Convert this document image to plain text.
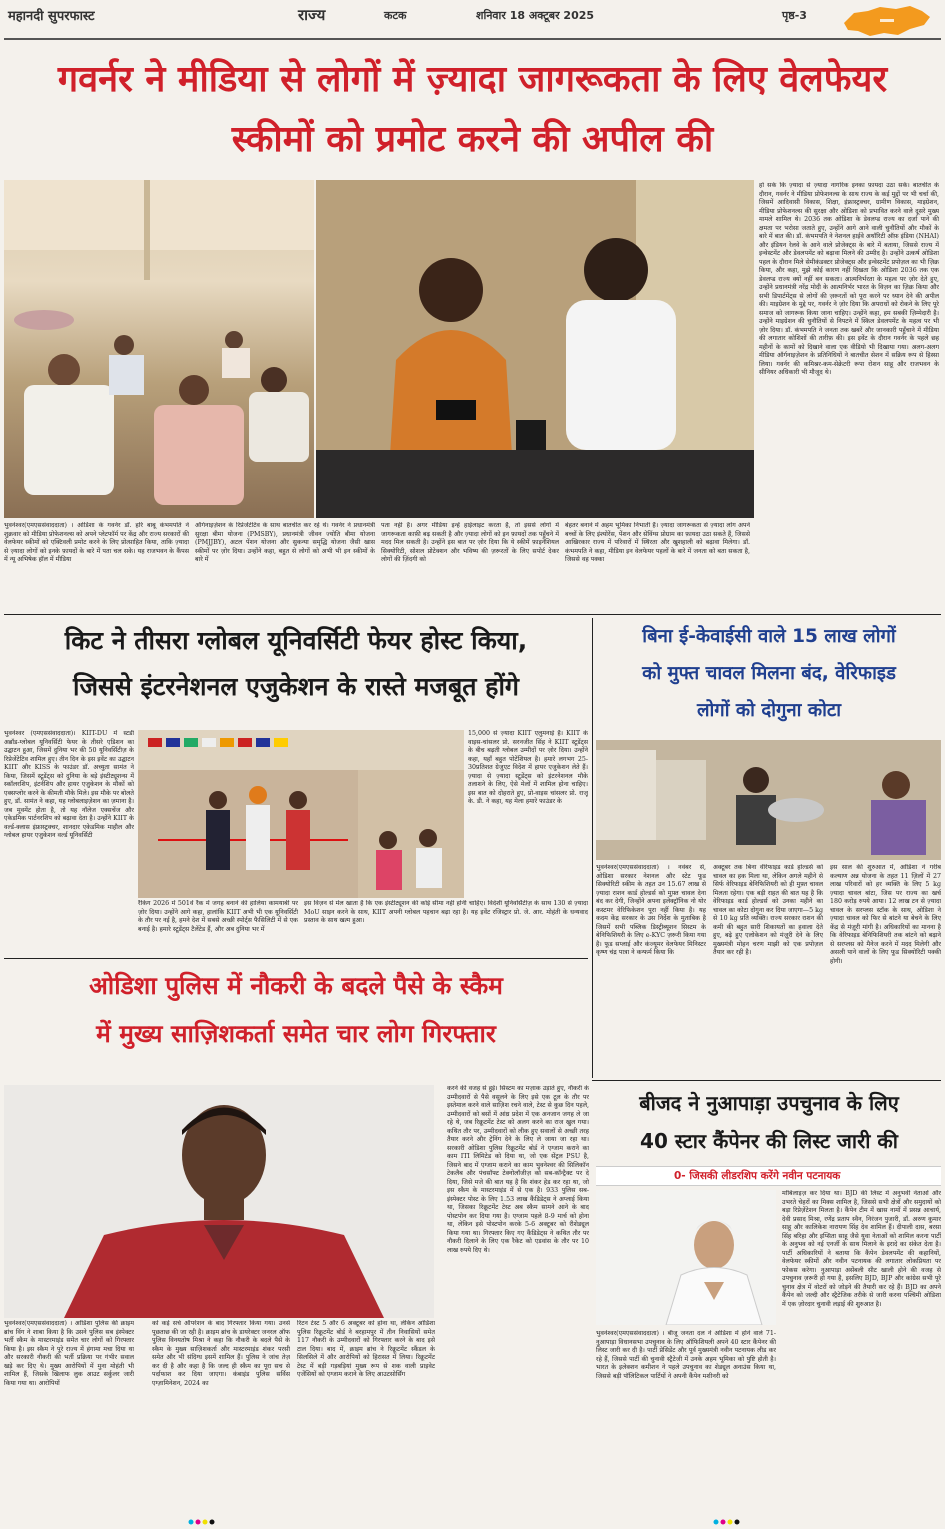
महानदी सुपरफास्ट	राज्य	कटक	शनिवार 18 अक्टूबर 2025	पृष्ठ-3
गवर्नर ने मीडिया से लोगों में ज़्यादा जागरूकता के लिए वेलफेयर
स्कीमों को प्रमोट करने की अपील की

भुवनेश्वर(एमएससंवाददाता) । ओडिशा के गवर्नर डॉ. हरि बाबू कंभमपति ने शुक्रवार को मीडिया प्रोफेशनल्स को अपने प्लेटफॉर्म पर केंद्र और राज्य सरकारों की वेलफेयर स्कीमों को एक्टिवली प्रमोट करने के लिए प्रोत्साहित किया, ताकि ज़्यादा से ज़्यादा लोगों को इनके फ़ायदों के बारे में पता चल सके। यह राजभवन के कैंपस में न्यू अभिषेक हॉल में मीडिया

ऑर्गनाइज़ेशन के रिप्रेजेंटेटिव के साथ बातचीत कर रहे थे। गवर्नर ने प्रधानमंत्री सुरक्षा बीमा योजना (PMSBY), प्रधानमंत्री जीवन ज्योति बीमा योजना (PMJJBY), अटल पेंशन योजना और सुकन्या समृद्धि योजना जैसी खास स्कीमों पर ज़ोर दिया। उन्होंने कहा, बहुत से लोगों को अभी भी इन स्कीमों के बारे में

पता नहीं है। अगर मीडिया इन्हें हाईलाइट करता है, तो इससे लोगों में जागरूकता काफ़ी बढ़ सकती है और ज़्यादा लोगों को इन फ़ायदों तक पहुँचने में मदद मिल सकती है। उन्होंने इस बात पर ज़ोर दिया कि ये स्कीमें फ़ाइनेंशियल सिक्योरिटी, सोशल प्रोटेक्शन और भविष्य की ज़रूरतों के लिए सपोर्ट देकर लोगों की ज़िंदगी को

बेहतर बनाने में अहम भूमिका निभाती हैं। ज़्यादा जागरूकता से ज़्यादा लोग अपने बच्चों के लिए इंश्योरेंस, पेंशन और सेविंग्स प्रोग्राम का फ़ायदा उठा सकते हैं, जिससे आखिरकार राज्य में परिवारों में स्थिरता और खुशहाली को बढ़ावा मिलेगा। डॉ. कंभमपति ने कहा, मीडिया इन वेलफेयर पहलों के बारे में जनता को बता सकता है, जिससे वह पक्का

हो सके कि ज़्यादा से ज़्यादा नागरिक इनका फ़ायदा उठा सकें। बातचीत के दौरान, गवर्नर ने मीडिया प्रोफेशनल्स के साथ राज्य के कई मुद्दों पर भी चर्चा की, जिसमें आदिवासी विकास, शिक्षा, इंफ्रास्ट्रक्चर, ग्रामीण विकास, माइग्रेशन, मीडिया प्रोफेशनल्स की सुरक्षा और ओडिशा को प्रभावित करने वाले दूसरे मुख्य मामले शामिल थे। 2036 तक ओडिशा के डेवलप्ड राज्य का दर्जा पाने की क्षमता पर भरोसा जताते हुए, उन्होंने आगे आने वाली चुनौतियों और मौकों के बारे में बात की। डॉ. कंभमपति ने नेशनल हाईवे अथॉरिटी ऑफ़ इंडिया (NHAI) और इंडियन रेलवे के आने वाले प्रोजेक्ट्स के बारे में बताया, जिससे राज्य में इन्वेस्टमेंट और डेवलपमेंट को बढ़ावा मिलने की उम्मीद है। उन्होंने उत्कर्ष ओडिशा पहल के दौरान मिले सेमीकंडक्टर प्रोजेक्ट्स और इन्वेस्टमेंट प्रपोज़ल का भी ज़िक्र किया, और कहा, मुझे कोई कारण नहीं दिखता कि ओडिशा 2036 तक एक डेवलप्ड राज्य क्यों नहीं बन सकता। आत्मनिर्भरता के महत्व पर ज़ोर देते हुए, उन्होंने प्रधानमंत्री नरेंद्र मोदी के आत्मनिर्भर भारत के विज़न का ज़िक्र किया और सभी डिपार्टमेंट्स से लोगों की ज़रूरतों को पूरा करने पर ध्यान देने की अपील की। माइग्रेशन के मुद्दे पर, गवर्नर ने ज़ोर दिया कि अपराधों को रोकने के लिए पूरे समाज को जागरूक किया जाना चाहिए। उन्होंने कहा, हम सबकी ज़िम्मेदारी है। उन्होंने माइग्रेशन की चुनौतियों से निपटने में स्किल डेवलपमेंट के महत्व पर भी ज़ोर दिया। डॉ. कंभमपति ने जनता तक खबरें और जानकारी पहुँचाने में मीडिया की लगातार कोशिशों की तारीफ़ की। इस इवेंट के दौरान गवर्नर के पहले छह महीनों के कामों को दिखाने वाला एक वीडियो भी दिखाया गया। अलग-अलग मीडिया ऑर्गनाइज़ेशन के प्रतिनिधियों ने बातचीत सेशन में सक्रिय रूप से हिस्सा लिया। गवर्नर की कमिश्नर-कम-सेक्रेटरी रूपा रोशन साहू और राजभवन के सीनियर अधिकारी भी मौजूद थे।

किट ने तीसरा ग्लोबल यूनिवर्सिटी फेयर होस्ट किया,
जिससे इंटरनेशनल एजुकेशन के रास्ते मजबूत होंगे

भुवनेश्वर (एमएससंवाददाता)। KIIT-DU में स्टडी अब्रॉड-ग्लोबल यूनिवर्सिटी फेयर के तीसरे एडिशन का उद्घाटन हुआ, जिसमें दुनिया भर की 50 यूनिवर्सिटीज़ के रिप्रेजेंटेटिव शामिल हुए। तीन दिन के इस इवेंट का उद्घाटन KIIT और KISS के फाउंडर डॉ. अच्युता सामंत ने किया, जिसमें स्टूडेंट्स को दुनिया के बड़े इंस्टीट्यूशन्स में स्कॉलरशिप, इंटर्नशिप और हायर एजुकेशन के मौकों को एक्सप्लोर करने के कीमती मौके मिले। इस मौके पर बोलते हुए, डॉ. सामंत ने कहा, यह ग्लोबलाइज़ेशन का ज़माना है। जब मूवमेंट होता है, तो यह नॉलेज एक्सचेंज और एकेडमिक पार्टनरशिप को बढ़ावा देता है। उन्होंने KIIT के वर्ल्ड-क्लास इंफ्रास्ट्रक्चर, शानदार एकेडमिक माहौल और ग्लोबल हायर एजुकेशन वर्ल्ड यूनिवर्सिटी

15,000 से ज़्यादा KIIT एलुमनाई हैं। KIIT के वाइस-चांसलर प्रो. सरनजीत सिंह ने KIIT स्टूडेंट्स के बीच बढ़ती ग्लोबल उम्मीदों पर ज़ोर दिया। उन्होंने कहा, यहाँ बहुत पोटेंशियल है। हमारे लगभग 25-30प्रतिशत ग्रेजुएट विदेश में हायर एजुकेशन लेते हैं। ज़्यादा से ज़्यादा स्टूडेंट्स को इंटरनेशनल मौके तलाशने के लिए, ऐसे मेलों में शामिल होना चाहिए। इस बात को दोहराते हुए, प्रो-वाइस चांसलर प्रो. राजू के. डी. ने कहा, यह मेला हमारे फाउंडर के

रैंकिंग 2026 में 501वें रैंक में जगह बनाने की हालिया कामयाबी पर ज़ोर दिया। उन्होंने आगे कहा, हालांकि KIIT अभी भी एक यूनिवर्सिटी के तौर पर नई है, हमने देश में सबसे अच्छी स्पोर्ट्स फैसिलिटी में से एक बनाई है। हमारे स्टूडेंट्स टैलेंटेड हैं, और अब दुनिया भर में

इस विज़न से मेल खाता है कि एक इंस्टीट्यूशन की कोई सीमा नहीं होनी चाहिए। विदेशी यूनिवर्सिटीज़ के साथ 130 से ज़्यादा MoU साइन करने के साथ, KIIT अपनी ग्लोबल पहचान बढ़ा रहा है। यह इवेंट रजिस्ट्रार प्रो. जे. आर. मोहंती के धन्यवाद प्रस्ताव के साथ खत्म हुआ।

बिना ई-केवाईसी वाले 15 लाख लोगों
को मुफ्त चावल मिलना बंद, वेरिफाइड
लोगों को दोगुना कोटा

भुवनेश्वर(एमएससंवाददाता) । नवंबर से, ओडिशा सरकार नेशनल और स्टेट फूड सिक्योरिटी स्कीम के तहत उन 15.67 लाख से ज़्यादा राशन कार्ड होल्डर्स को मुफ़्त चावल देना बंद कर देगी, जिन्होंने अपना इलेक्ट्रॉनिक नो योर कस्टमर वेरिफिकेशन पूरा नहीं किया है। यह कदम केंद्र सरकार के उस निर्देश के मुताबिक है जिसमें सभी पब्लिक डिस्ट्रीब्यूशन सिस्टम के बेनिफिशियरी के लिए e-KYC ज़रूरी किया गया है। फूड सप्लाई और कंज्यूमर वेलफेयर मिनिस्टर कृष्ण चंद्र पात्रा ने कन्फर्म किया कि

अक्टूबर तक बिना वेरिफाइड कार्ड होल्डर्स को चावल का हक मिला था, लेकिन अगले महीने से सिर्फ वेरिफाइड बेनिफिशियरी को ही मुफ़्त चावल मिलता रहेगा। एक बड़ी राहत की बात यह है कि वेरिफाइड कार्ड होल्डर्स को उनका महीने का चावल का कोटा दोगुना कर दिया जाएगा—5 kg से 10 kg प्रति व्यक्ति। राज्य सरकार राशन की कमी की बहुत सारी शिकायतों का हवाला देते हुए, बढ़े हुए एलोकेशन को मंज़ूरी देने के लिए मुख्यमंत्री मोहन चरण माझी को एक प्रपोज़ल तैयार कर रही है।

इस साल की शुरुआत में, ओडिशा ने गरीब कल्याण अन्न योजना के तहत 11 ज़िलों में 27 लाख परिवारों को हर व्यक्ति के लिए 5 kg ज़्यादा चावल बांटा, जिस पर राज्य का खर्च 180 करोड़ रुपये आया। 12 लाख टन से ज़्यादा चावल के सरप्लस स्टॉक के साथ, ओडिशा ने ज़्यादा चावल को फिर से बांटने या बेचने के लिए केंद्र से मंज़ूरी मांगी है। अधिकारियों का मानना है कि वेरिफाइड बेनिफिशियरी तक बांटने को बढ़ाने से सरप्लस को मैनेज करने में मदद मिलेगी और असली पाने वालों के लिए फूड सिक्योरिटी पक्की होगी।

ओडिशा पुलिस में नौकरी के बदले पैसे के स्कैम
में मुख्य साज़िशकर्ता समेत चार लोग गिरफ्तार

भुवनेश्वर(एमएससंवाददाता) । ओडिशा पुलिस की क्राइम ब्रांच विंग ने शाबा किया है कि उसने पुलिस सब इंस्पेक्टर भर्ती स्कैम के मास्टरमाइंड समेत चार लोगों को गिरफ्तार किया है। इस स्कैम ने पूरे राज्य में हंगामा मचा दिया था और सरकारी नौकरी की भर्ती प्रक्रिया पर गंभीर सवाल खड़े कर दिए थे। मुख्य आरोपियों में मुना मोहंती भी शामिल हैं, जिसके खिलाफ लुक आउट सर्कुलर जारी किया गया था। आरोपियों

को कई सर्च ऑपरेशन के बाद गिरफ्तार किया गया। उनसे पूछताछ की जा रही है। क्राइम ब्रांच के डायरेक्टर जनरल ऑफ पुलिस विनयतोष मिश्रा ने कहा कि नौकरी के बदले पैसे के स्कैम के मुख्य साज़िशकर्ता और मास्टरमाइंड शंकर परसी समेत और भी संदिग्ध इसमें शामिल हैं। पुलिस ने जांच तेज़ कर दी है और कहा है कि जल्द ही स्कैम का पूरा सच से पर्दाफाश कर दिया जाएगा। कंबाइंड पुलिस सर्विस एग्ज़ामिनेशन, 2024 का

रिटन टेस्ट 5 और 6 अक्टूबर को होना था, लेकिन ओडिशा पुलिस रिक्रूटमेंट बोर्ड ने बरहामपुर में तीन निवासियों समेत 117 नौकरी के उम्मीदवारों को गिरफ्तार करने के बाद इसे टाल दिया। बाद में, क्राइम ब्रांच ने रिक्रूटमेंट स्कैंडल के सिलसिले में और आरोपियों को हिरासत में लिया। रिक्रूटमेंट टेस्ट में बड़ी गड़बड़ियां मुख्य रूप से शक वाली प्राइवेट एजेंसियों को एग्जाम कराने के लिए आउटसोर्सिंग

करने की वजह से हुई। सिस्टम का मज़ाक उड़ाते हुए, नौकरी के उम्मीदवारों से पैसे वसूलने के लिए इसे एक टूल के तौर पर इस्तेमाल करने वाले साज़िश रचने वाले, टेस्ट से कुछ दिन पहले, उम्मीदवारों को बसों में आंध्र प्रदेश में एक अनजान जगह ले जा रहे थे, जब रिक्रूटमेंट टेस्ट को अलग करने का राज खुल गया। कथित तौर पर, उम्मीदवारों को लीक हुए सवालों से अच्छी तरह तैयार करने और ट्रेनिंग देने के लिए ले जाया जा रहा था। सरकारी ओडिशा पुलिस रिक्रूटमेंट बोर्ड ने एग्जाम कराने का काम ITI लिमिटेड को दिया था, जो एक सेंट्रल PSU है, जिसने बाद में एग्जाम कराने का काम भुवनेश्वर की सिलिकॉन टेकलैब और पंचसॉफ्ट टेक्नोलॉजीज़ को सब-कॉन्ट्रैक्ट पर दे दिया, जिसे मजे की बात यह है कि शंकर हेड कर रहा था, जो इस स्कैम के मास्टरमाइंड में से एक है। 933 पुलिस सब-इंस्पेक्टर पोस्ट के लिए 1.53 लाख कैंडिडेट्स ने अप्लाई किया था, जिसका रिक्रूटमेंट टेस्ट अब स्कैम सामने आने के बाद पोस्टपोन कर दिया गया है। एग्जाम पहले 8-9 मार्च को होना था, लेकिन इसे पोस्टपोन करके 5-6 अक्टूबर को रीशेड्यूल किया गया था। गिरफ्तार किए गए कैंडिडेट्स ने कथित तौर पर नौकरी दिलाने के लिए एक रैकेट को एडवांस के तौर पर 10 लाख रुपये दिए थे।

बीजद ने नुआपाड़ा उपचुनाव के लिए
40 स्टार कैंपेनर की लिस्ट जारी की
0- जिसकी लीडरशिप करेंगे नवीन पटनायक

भुवनेश्वर(एमएससंवाददाता) । बीजू जनता दल ने ओडिशा में होने वाले 71-नुआपाड़ा विधानसभा उपचुनाव के लिए ऑफिशियली अपने 40 स्टार कैंपेनर की लिस्ट जारी कर दी है। पार्टी प्रेसिडेंट और पूर्व मुख्यमंत्री नवीन पटनायक लीड कर रहे हैं, जिससे पार्टी की चुनावी स्ट्रैटेजी में उनके अहम भूमिका को पुष्टि होती है। भारत के इलेक्शन कमीशन ने पहले उपचुनाव का शेड्यूल अनाउंस किया था, जिससे बड़ी पॉलिटिकल पार्टियों ने अपनी कैंपेन मशीनरी को

मोबिलाइज़ कर दिया था। BJD की लिस्ट में अनुभवी नेताओं और उभरते चेहरों का मिक्स शामिल है, जिससे सभी क्षेत्रों और समुदायों को बड़ा रिप्रेज़ेंटेशन मिलता है। कैंपेन टीम में खास नामों में प्रसन्न आचार्य, देवी प्रसाद मिश्रा, रणेंद्र प्रताप स्वैन, निरंजन पुजारी, डॉ. अरुण कुमार साहू और कालिकेश नारायण सिंह देव शामिल हैं। दीपाली दास, बरसा सिंह बरिहा और इप्सिता साहू जैसे युवा नेताओं को शामिल करना पार्टी के अनुभव को नई एनर्जी के साथ मिलाने के इरादे का संकेत देता है। पार्टी अधिकारियों ने बताया कि कैंपेन डेवलपमेंट की कहानियों, वेलफेयर स्कीमों और नवीन पटनायक की लगातार लोकप्रियता पर फोकस करेगा। नुआपाड़ा असेंबली सीट खाली होने की वजह से उपचुनाव ज़रूरी हो गया है, इसलिए BJD, BJP और कांग्रेस सभी पूरे चुनाव क्षेत्र में वोटरों को जोड़ने की तैयारी कर रहे हैं। BJD का अपने कैंपेन को जल्दी और स्ट्रैटेजिक तरीके से जारी करना पश्चिमी ओडिशा में एक ज़ोरदार चुनावी लड़ाई की शुरुआत है।
